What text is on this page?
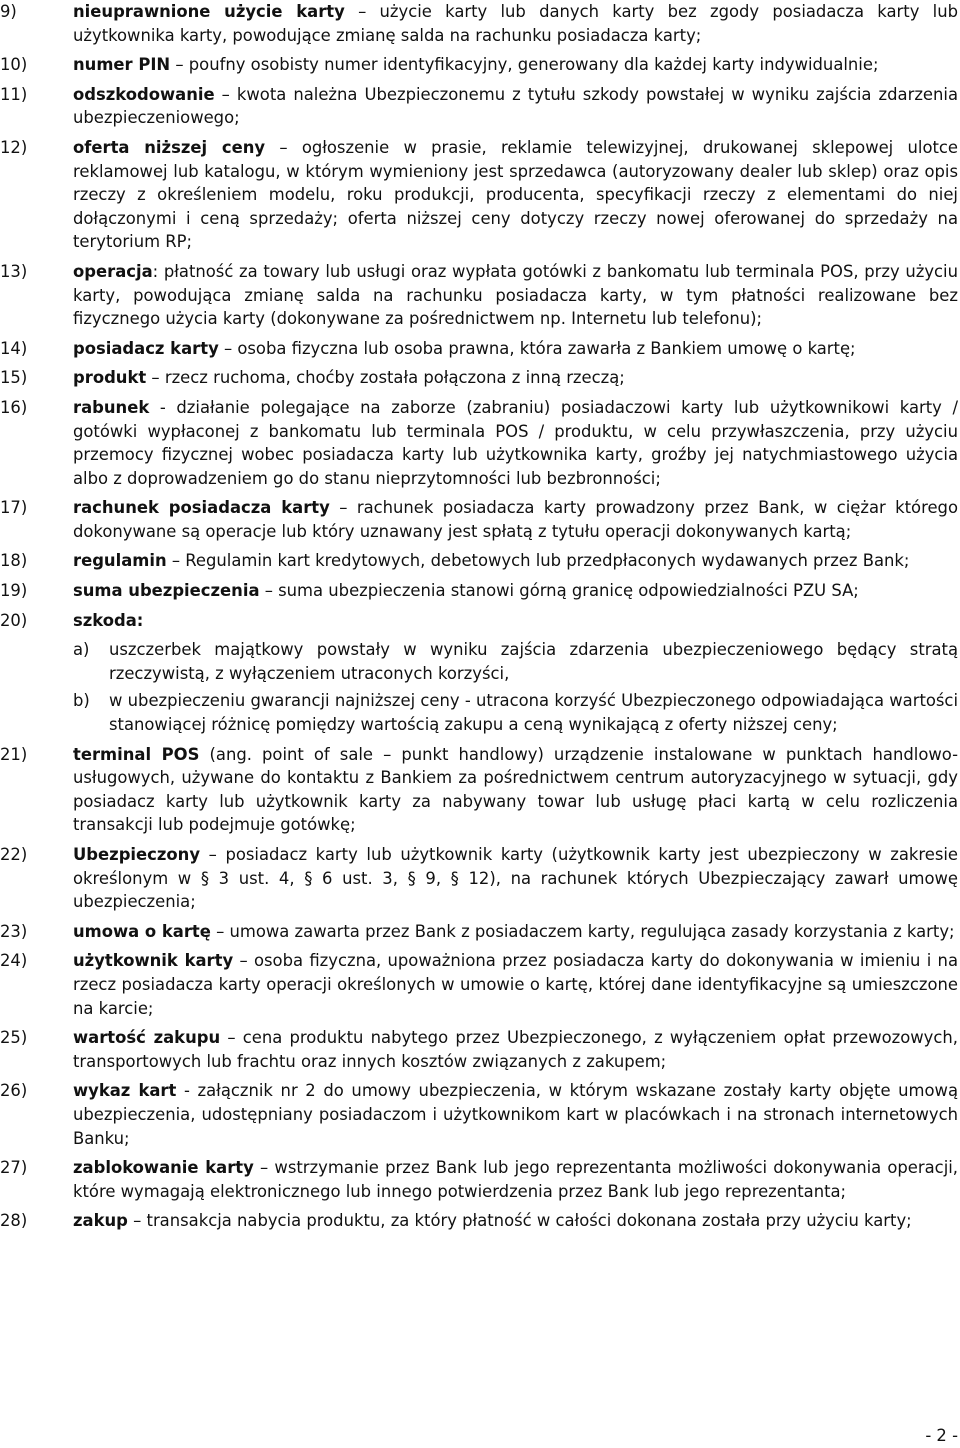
9)	nieuprawnione użycie karty – użycie karty lub danych karty bez zgody posiadacza karty lub użytkownika karty, powodujące zmianę salda na rachunku posiadacza karty;
10)	numer PIN – poufny osobisty numer identyfikacyjny, generowany dla każdej karty indywidualnie;
11)	odszkodowanie – kwota należna Ubezpieczonemu z tytułu szkody powstałej w wyniku zajścia zdarzenia ubezpieczeniowego;
12)	oferta niższej ceny – ogłoszenie w prasie, reklamie telewizyjnej, drukowanej sklepowej ulotce reklamowej lub katalogu, w którym wymieniony jest sprzedawca (autoryzowany dealer lub sklep) oraz opis rzeczy z określeniem modelu, roku produkcji, producenta, specyfikacji rzeczy z elementami do niej dołączonymi i ceną sprzedaży; oferta niższej ceny dotyczy rzeczy nowej oferowanej do sprzedaży na terytorium RP;
13)	operacja: płatność za towary lub usługi oraz wypłata gotówki z bankomatu lub terminala POS, przy użyciu karty, powodująca zmianę salda na rachunku posiadacza karty, w tym płatności realizowane bez fizycznego użycia karty (dokonywane za pośrednictwem np. Internetu lub telefonu);
14)	posiadacz karty – osoba fizyczna lub osoba prawna, która zawarła z Bankiem umowę o kartę;
15)	produkt – rzecz ruchoma, choćby została połączona z inną rzeczą;
16)	rabunek - działanie polegające na zaborze (zabraniu) posiadaczowi karty lub użytkownikowi karty / gotówki wypłaconej z bankomatu lub terminala POS / produktu, w celu przywłaszczenia, przy użyciu przemocy fizycznej wobec posiadacza karty lub użytkownika karty, groźby jej natychmiastowego użycia albo z doprowadzeniem go do stanu nieprzytomności lub bezbronności;
17)	rachunek posiadacza karty – rachunek posiadacza karty prowadzony przez Bank, w ciężar którego dokonywane są operacje lub który uznawany jest spłatą z tytułu operacji dokonywanych kartą;
18)	regulamin – Regulamin kart kredytowych, debetowych lub przedpłaconych wydawanych przez Bank;
19)	suma ubezpieczenia – suma ubezpieczenia stanowi górną granicę odpowiedzialności PZU SA;
20)	szkoda:
a) uszczerbek majątkowy powstały w wyniku zajścia zdarzenia ubezpieczeniowego będący stratą rzeczywistą, z wyłączeniem utraconych korzyści,
b) w ubezpieczeniu gwarancji najniższej ceny - utracona korzyść Ubezpieczonego odpowiadająca wartości stanowiącej różnicę pomiędzy wartością zakupu a ceną wynikającą z oferty niższej ceny;
21)	terminal POS (ang. point of sale – punkt handlowy) urządzenie instalowane w punktach handlowo-usługowych, używane do kontaktu z Bankiem za pośrednictwem centrum autoryzacyjnego w sytuacji, gdy posiadacz karty lub użytkownik karty za nabywany towar lub usługę płaci kartą w celu rozliczenia transakcji lub podejmuje gotówkę;
22)	Ubezpieczony – posiadacz karty lub użytkownik karty (użytkownik karty jest ubezpieczony w zakresie określonym w § 3 ust. 4, § 6 ust. 3, § 9, § 12), na rachunek których Ubezpieczający zawarł umowę ubezpieczenia;
23)	umowa o kartę – umowa zawarta przez Bank z posiadaczem karty, regulująca zasady korzystania z karty;
24)	użytkownik karty – osoba fizyczna, upoważniona przez posiadacza karty do dokonywania w imieniu i na rzecz posiadacza karty operacji określonych w umowie o kartę, której dane identyfikacyjne są umieszczone na karcie;
25)	wartość zakupu – cena produktu nabytego przez Ubezpieczonego, z wyłączeniem opłat przewozowych, transportowych lub frachtu oraz innych kosztów związanych z zakupem;
26)	wykaz kart - załącznik nr 2 do umowy ubezpieczenia, w którym wskazane zostały karty objęte umową ubezpieczenia, udostępniany posiadaczom i użytkownikom kart w placówkach i na stronach internetowych Banku;
27)	zablokowanie karty – wstrzymanie przez Bank lub jego reprezentanta możliwości dokonywania operacji, które wymagają elektronicznego lub innego potwierdzenia przez Bank lub jego reprezentanta;
28)	zakup – transakcja nabycia produktu, za który płatność w całości dokonana została przy użyciu karty;
- 2 -
